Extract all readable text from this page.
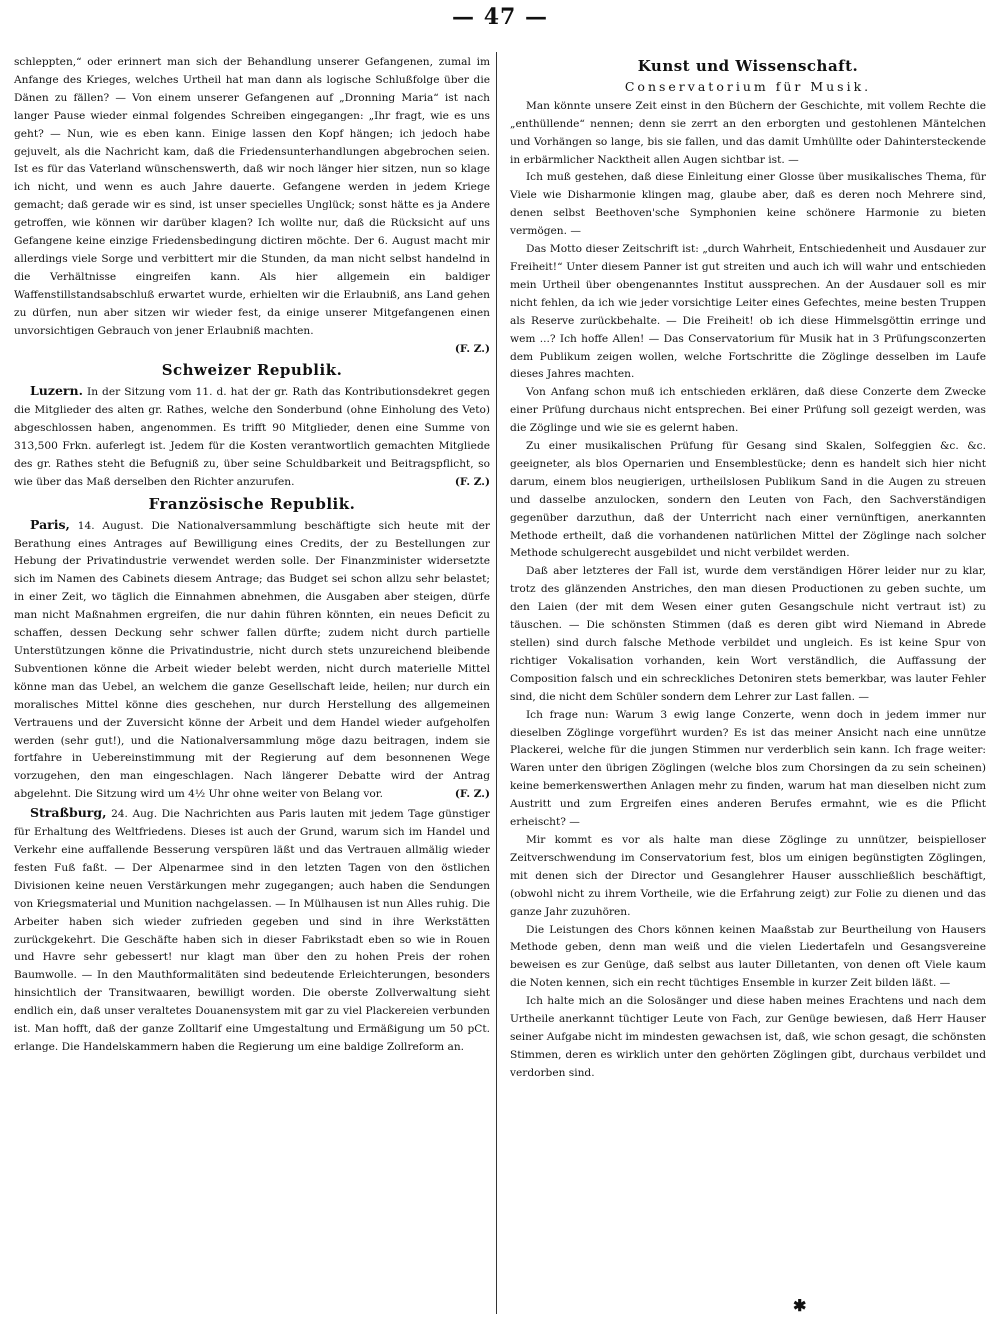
— 47 —

schleppten,“ oder erinnert man sich der Behandlung unserer Gefangenen, zumal im Anfange des Krieges, welches Urtheil hat man dann als logische Schlußfolge über die Dänen zu fällen? — Von einem unserer Gefangenen auf „Dronning Maria“ ist nach langer Pause wieder einmal folgendes Schreiben eingegangen: „Ihr fragt, wie es uns geht? — Nun, wie es eben kann. Einige lassen den Kopf hängen; ich jedoch habe gejuvelt, als die Nachricht kam, daß die Friedensunterhandlungen abgebrochen seien. Ist es für das Vaterland wünschenswerth, daß wir noch länger hier sitzen, nun so klage ich nicht, und wenn es auch Jahre dauerte. Gefangene werden in jedem Kriege gemacht; daß gerade wir es sind, ist unser specielles Unglück; sonst hätte es ja Andere getroffen, wie können wir darüber klagen? Ich wollte nur, daß die Rücksicht auf uns Gefangene keine einzige Friedensbedingung dictiren möchte. Der 6. August macht mir allerdings viele Sorge und verbittert mir die Stunden, da man nicht selbst handelnd in die Verhältnisse eingreifen kann. Als hier allgemein ein baldiger Waffenstillstandsabschluß erwartet wurde, erhielten wir die Erlaubniß, ans Land gehen zu dürfen, nun aber sitzen wir wieder fest, da einige unserer Mitgefangenen einen unvorsichtigen Gebrauch von jener Erlaubniß machten.

(F. Z.)
Schweizer Republik.

Luzern. In der Sitzung vom 11. d. hat der gr. Rath das Kontributionsdekret gegen die Mitglieder des alten gr. Rathes, welche den Sonderbund (ohne Einholung des Veto) abgeschlossen haben, angenommen. Es trifft 90 Mitglieder, denen eine Summe von 313,500 Frkn. auferlegt ist. Jedem für die Kosten verantwortlich gemachten Mitgliede des gr. Rathes steht die Befugniß zu, über seine Schuldbarkeit und Beitragspflicht, so wie über das Maß derselben den Richter anzurufen.	(F. Z.)

Französische Republik.

Paris, 14. August. Die Nationalversammlung beschäftigte sich heute mit der Berathung eines Antrages auf Bewilligung eines Credits, der zu Bestellungen zur Hebung der Privatindustrie verwendet werden solle. Der Finanzminister widersetzte sich im Namen des Cabinets diesem Antrage; das Budget sei schon allzu sehr belastet; in einer Zeit, wo täglich die Einnahmen abnehmen, die Ausgaben aber steigen, dürfe man nicht Maßnahmen ergreifen, die nur dahin führen könnten, ein neues Deficit zu schaffen, dessen Deckung sehr schwer fallen dürfte; zudem nicht durch partielle Unterstützungen könne die Privatindustrie, nicht durch stets unzureichend bleibende Subventionen könne die Arbeit wieder belebt werden, nicht durch materielle Mittel könne man das Uebel, an welchem die ganze Gesellschaft leide, heilen; nur durch ein moralisches Mittel könne dies geschehen, nur durch Herstellung des allgemeinen Vertrauens und der Zuversicht könne der Arbeit und dem Handel wieder aufgeholfen werden (sehr gut!), und die Nationalversammlung möge dazu beitragen, indem sie fortfahre in Uebereinstimmung mit der Regierung auf dem besonnenen Wege vorzugehen, den man eingeschlagen. Nach längerer Debatte wird der Antrag abgelehnt. Die Sitzung wird um 4½ Uhr ohne weiter von Belang vor.	(F. Z.)

Straßburg, 24. Aug. Die Nachrichten aus Paris lauten mit jedem Tage günstiger für Erhaltung des Weltfriedens. Dieses ist auch der Grund, warum sich im Handel und Verkehr eine auffallende Besserung verspüren läßt und das Vertrauen allmälig wieder festen Fuß faßt. — Der Alpenarmee sind in den letzten Tagen von den östlichen Divisionen keine neuen Verstärkungen mehr zugegangen; auch haben die Sendungen von Kriegsmaterial und Munition nachgelassen. — In Mülhausen ist nun Alles ruhig. Die Arbeiter haben sich wieder zufrieden gegeben und sind in ihre Werkstätten zurückgekehrt. Die Geschäfte haben sich in dieser Fabrikstadt eben so wie in Rouen und Havre sehr gebessert! nur klagt man über den zu hohen Preis der rohen Baumwolle. — In den Mauthformalitäten sind bedeutende Erleichterungen, besonders hinsichtlich der Transitwaaren, bewilligt worden. Die oberste Zollverwaltung sieht endlich ein, daß unser veraltetes Douanensystem mit gar zu viel Plackereien verbunden ist. Man hofft, daß der ganze Zolltarif eine Umgestaltung und Ermäßigung um 50 pCt. erlange. Die Handelskammern haben die Regierung um eine baldige Zollreform an.

Kunst und Wissenschaft.
Conservatorium für Musik.

Man könnte unsere Zeit einst in den Büchern der Geschichte, mit vollem Rechte die „enthüllende“ nennen; denn sie zerrt an den erborgten und gestohlenen Mäntelchen und Vorhängen so lange, bis sie fallen, und das damit Umhüllte oder Dahintersteckende in erbärmlicher Nacktheit allen Augen sichtbar ist. —

Ich muß gestehen, daß diese Einleitung einer Glosse über musikalisches Thema, für Viele wie Disharmonie klingen mag, glaube aber, daß es deren noch Mehrere sind, denen selbst Beethoven'sche Symphonien keine schönere Harmonie zu bieten vermögen. —

Das Motto dieser Zeitschrift ist: „durch Wahrheit, Entschiedenheit und Ausdauer zur Freiheit!“ Unter diesem Panner ist gut streiten und auch ich will wahr und entschieden mein Urtheil über obengenanntes Institut aussprechen. An der Ausdauer soll es mir nicht fehlen, da ich wie jeder vorsichtige Leiter eines Gefechtes, meine besten Truppen als Reserve zurückbehalte. — Die Freiheit! ob ich diese Himmelsgöttin erringe und wem ...? Ich hoffe Allen! — Das Conservatorium für Musik hat in 3 Prüfungsconzerten dem Publikum zeigen wollen, welche Fortschritte die Zöglinge desselben im Laufe dieses Jahres machten.

Von Anfang schon muß ich entschieden erklären, daß diese Conzerte dem Zwecke einer Prüfung durchaus nicht entsprechen. Bei einer Prüfung soll gezeigt werden, was die Zöglinge und wie sie es gelernt haben.

Zu einer musikalischen Prüfung für Gesang sind Skalen, Solfeggien &c. &c. geeigneter, als blos Opernarien und Ensemblestücke; denn es handelt sich hier nicht darum, einem blos neugierigen, urtheilslosen Publikum Sand in die Augen zu streuen und dasselbe anzulocken, sondern den Leuten von Fach, den Sachverständigen gegenüber darzuthun, daß der Unterricht nach einer vernünftigen, anerkannten Methode ertheilt, daß die vorhandenen natürlichen Mittel der Zöglinge nach solcher Methode schulgerecht ausgebildet und nicht verbildet werden.

Daß aber letzteres der Fall ist, wurde dem verständigen Hörer leider nur zu klar, trotz des glänzenden Anstriches, den man diesen Productionen zu geben suchte, um den Laien (der mit dem Wesen einer guten Gesangschule nicht vertraut ist) zu täuschen. — Die schönsten Stimmen (daß es deren gibt wird Niemand in Abrede stellen) sind durch falsche Methode verbildet und ungleich. Es ist keine Spur von richtiger Vokalisation vorhanden, kein Wort verständlich, die Auffassung der Composition falsch und ein schreckliches Detoniren stets bemerkbar, was lauter Fehler sind, die nicht dem Schüler sondern dem Lehrer zur Last fallen. —

Ich frage nun: Warum 3 ewig lange Conzerte, wenn doch in jedem immer nur dieselben Zöglinge vorgeführt wurden? Es ist das meiner Ansicht nach eine unnütze Plackerei, welche für die jungen Stimmen nur verderblich sein kann. Ich frage weiter: Waren unter den übrigen Zöglingen (welche blos zum Chorsingen da zu sein scheinen) keine bemerkenswerthen Anlagen mehr zu finden, warum hat man dieselben nicht zum Austritt und zum Ergreifen eines anderen Berufes ermahnt, wie es die Pflicht erheischt? —

Mir kommt es vor als halte man diese Zöglinge zu unnützer, beispielloser Zeitverschwendung im Conservatorium fest, blos um einigen begünstigten Zöglingen, mit denen sich der Director und Gesanglehrer Hauser ausschließlich beschäftigt, (obwohl nicht zu ihrem Vortheile, wie die Erfahrung zeigt) zur Folie zu dienen und das ganze Jahr zuzuhören.

Die Leistungen des Chors können keinen Maaßstab zur Beurtheilung von Hausers Methode geben, denn man weiß und die vielen Liedertafeln und Gesangsvereine beweisen es zur Genüge, daß selbst aus lauter Dilletanten, von denen oft Viele kaum die Noten kennen, sich ein recht tüchtiges Ensemble in kurzer Zeit bilden läßt. —

Ich halte mich an die Solosänger und diese haben meines Erachtens und nach dem Urtheile anerkannt tüchtiger Leute von Fach, zur Genüge bewiesen, daß Herr Hauser seiner Aufgabe nicht im mindesten gewachsen ist, daß, wie schon gesagt, die schönsten Stimmen, deren es wirklich unter den gehörten Zöglingen gibt, durchaus verbildet und verdorben sind.

✱
